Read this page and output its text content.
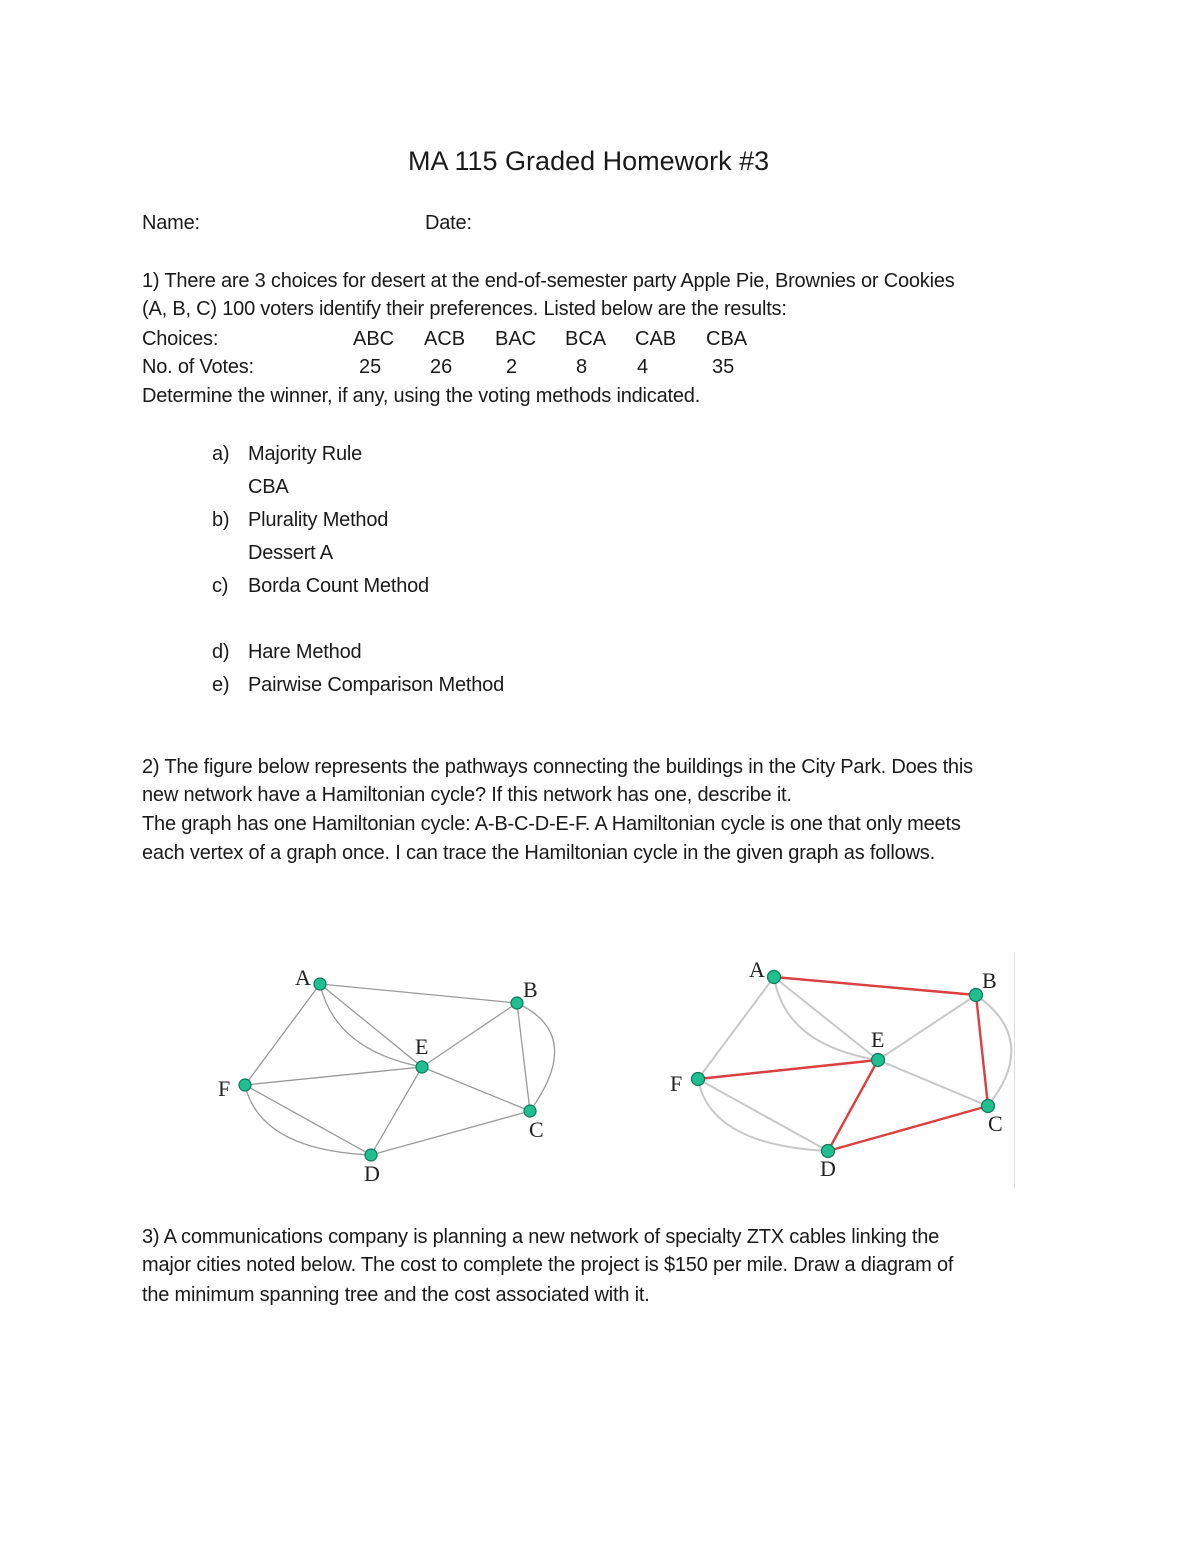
MA 115 Graded Homework #3
Name:	Date:
1) There are 3 choices for desert at the end-of-semester party Apple Pie, Brownies or Cookies
(A, B, C) 100 voters identify their preferences. Listed below are the results:
Choices:	ABC ACB BAC BCA CAB CBA
No. of Votes:	25 26	2	8 4	35
Determine the winner, if any, using the voting methods indicated.
a) Majority Rule
CBA
b) Plurality Method
Dessert A
c) Borda Count Method
d) Hare Method
e) Pairwise Comparison Method
2) The figure below represents the pathways connecting the buildings in the City Park. Does this
new network have a Hamiltonian cycle? If this network has one, describe it.
The graph has one Hamiltonian cycle: A-B-C-D-E-F. A Hamiltonian cycle is one that only meets
each vertex of a graph once. I can trace the Hamiltonian cycle in the given graph as follows.
A	B
C
D
E
F
A	B
C
D
E
F
3) A communications company is planning a new network of specialty ZTX cables linking the
major cities noted below. The cost to complete the project is $150 per mile. Draw a diagram of
the minimum spanning tree and the cost associated with it.
